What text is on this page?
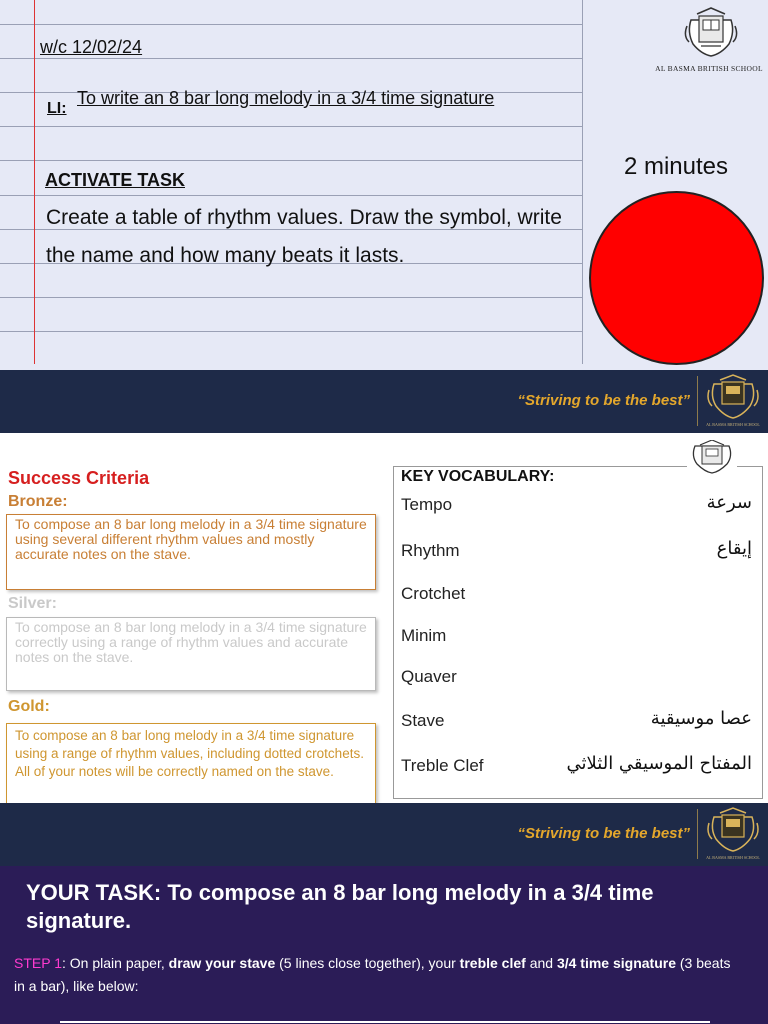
w/c 12/02/24
LI:
To write an 8 bar long melody in a 3/4 time signature
ACTIVATE TASK
Create a table of rhythm values. Draw the symbol, write the name and how many beats it lasts.
AL BASMA BRITISH SCHOOL
2 minutes
“Striving to be the best”
AL BASMA BRITISH SCHOOL
Success Criteria
Bronze:
To compose an 8 bar long melody in a 3/4 time signature using several different rhythm values and mostly accurate notes on the stave.
Silver:
To compose an 8 bar long melody in a 3/4 time signature correctly using a range of rhythm values and accurate notes on the stave.
Gold:
To compose an 8 bar long melody in a 3/4 time signature using a range of rhythm values, including dotted crotchets. All of your notes will be correctly named on the stave.
KEY VOCABULARY:
Tempo	سرعة
Rhythm	إيقاع
Crotchet
Minim
Quaver
Stave	عصا موسيقية
Treble Clef	المفتاح الموسيقي الثلاثي
“Striving to be the best”
AL BASMA BRITISH SCHOOL
YOUR TASK: To compose an 8 bar long melody in a 3/4 time signature.
STEP 1: On plain paper, draw your stave (5 lines close together), your treble clef and 3/4 time signature (3 beats in a bar), like below:
